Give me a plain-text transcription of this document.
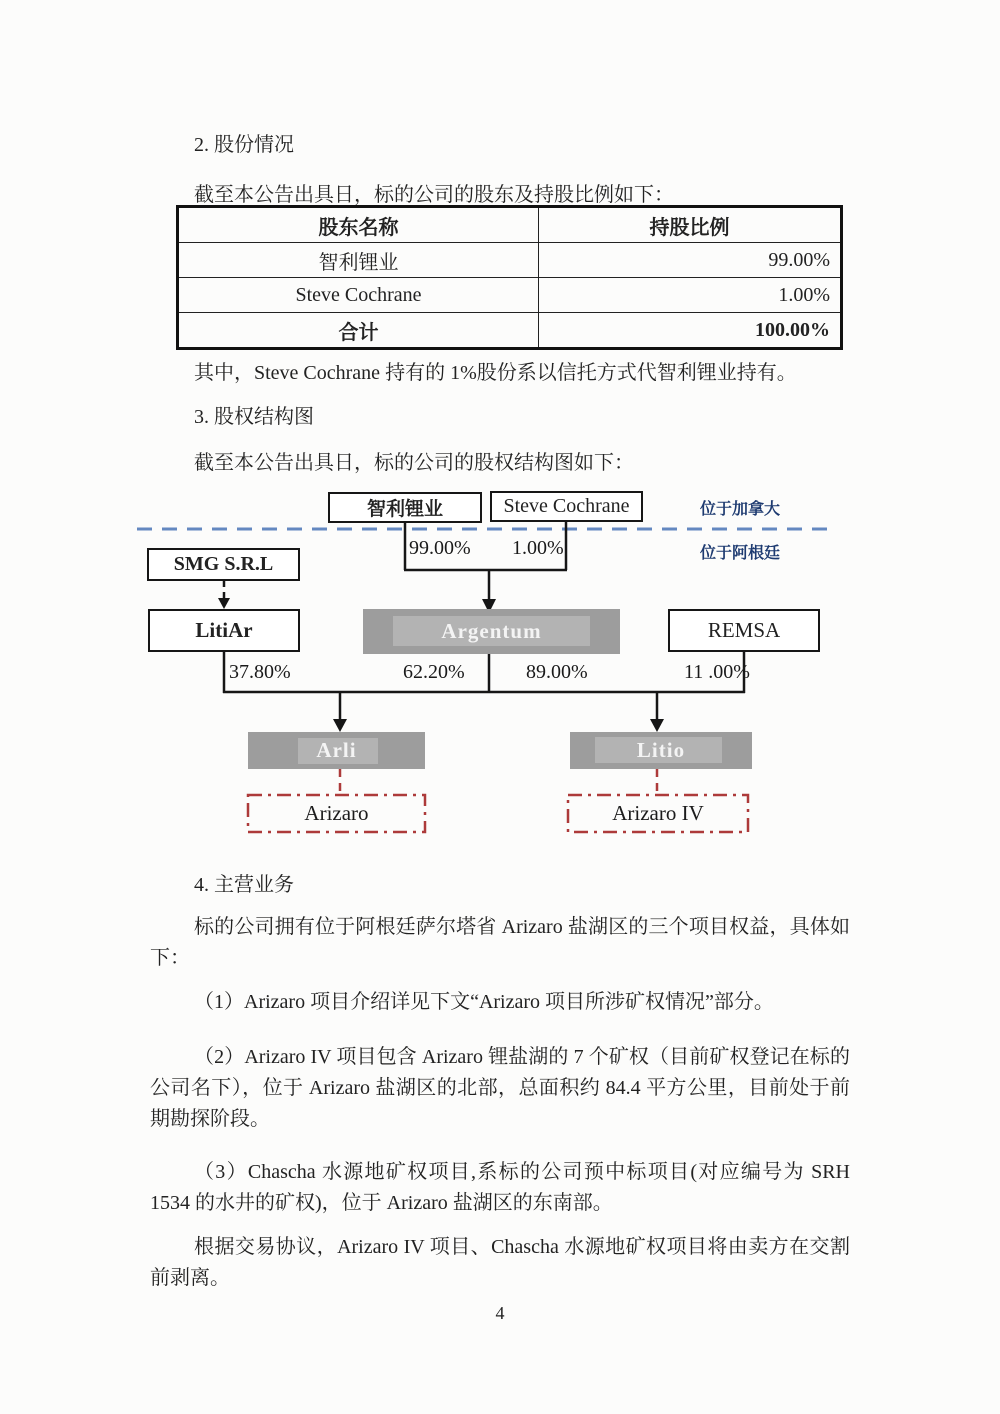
2. 股份情况

截至本公告出具日，标的公司的股东及持股比例如下：

股东名称	持股比例
智利锂业	99.00%
Steve Cochrane	1.00%
合计	100.00%

其中，Steve Cochrane 持有的 1%股份系以信托方式代智利锂业持有。

3. 股权结构图

截至本公告出具日，标的公司的股权结构图如下：

位于加拿大
位于阿根廷
智利锂业	Steve Cochrane
99.00% 1.00%
SMG S.R.L
LitiAr	Argentum	REMSA
37.80%	62.20%	89.00%	11 .00%
Arli	Litio
Arizaro	Arizaro IV

4. 主营业务

标的公司拥有位于阿根廷萨尔塔省 Arizaro 盐湖区的三个项目权益，具体如下：

（1）Arizaro 项目介绍详见下文“Arizaro 项目所涉矿权情况”部分。

（2）Arizaro IV 项目包含 Arizaro 锂盐湖的 7 个矿权（目前矿权登记在标的公司名下），位于 Arizaro 盐湖区的北部，总面积约 84.4 平方公里，目前处于前期勘探阶段。

（3）Chascha 水源地矿权项目,系标的公司预中标项目(对应编号为 SRH 1534 的水井的矿权)，位于 Arizaro 盐湖区的东南部。

根据交易协议，Arizaro IV 项目、Chascha 水源地矿权项目将由卖方在交割前剥离。

4
